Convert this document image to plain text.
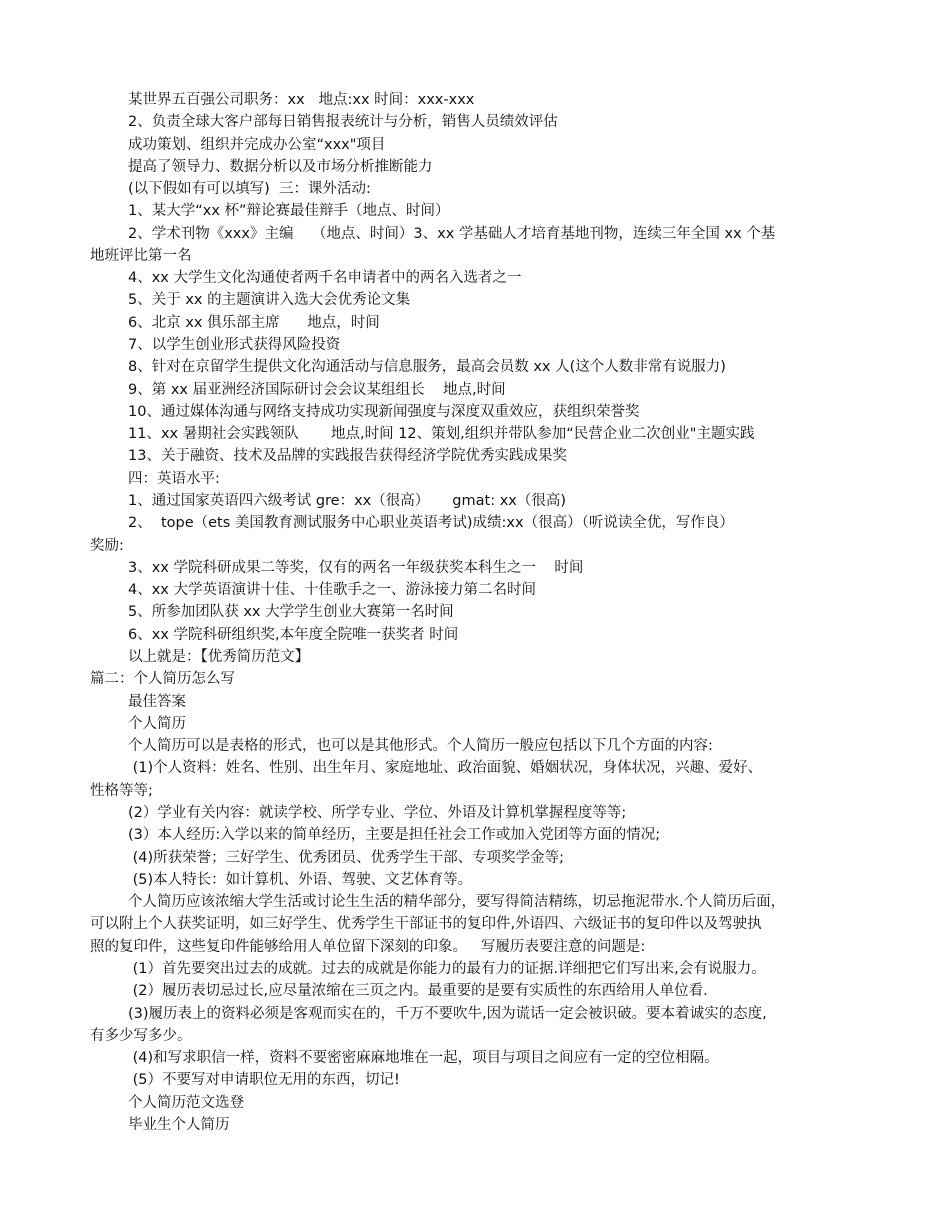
某世界五百强公司职务：xx   地点:xx 时间：xxx-xxx
2、负责全球大客户部每日销售报表统计与分析，销售人员绩效评估
成功策划、组织并完成办公室“xxx"项目
提高了领导力、数据分析以及市场分析推断能力
(以下假如有可以填写)  三：课外活动:
1、某大学“xx 杯”辩论赛最佳辩手（地点、时间）
2、学术刊物《xxx》主编    （地点、时间）3、xx 学基础人才培育基地刊物，连续三年全国 xx 个基
地班评比第一名
4、xx 大学生文化沟通使者两千名申请者中的两名入选者之一
5、关于 xx 的主题演讲入选大会优秀论文集
6、北京 xx 俱乐部主席      地点，时间
7、以学生创业形式获得风险投资
8、针对在京留学生提供文化沟通活动与信息服务，最高会员数 xx 人(这个人数非常有说服力)
9、第 xx 届亚洲经济国际研讨会会议某组组长    地点,时间
10、通过媒体沟通与网络支持成功实现新闻强度与深度双重效应，获组织荣誉奖
11、xx 暑期社会实践领队       地点,时间 12、策划,组织并带队参加“民营企业二次创业"主题实践
13、关于融资、技术及品牌的实践报告获得经济学院优秀实践成果奖
四：英语水平:
1、通过国家英语四六级考试 gre：xx（很高）     gmat: xx（很高)
2、  tope（ets 美国教育测试服务中心职业英语考试)成绩:xx（很高）（听说读全优，写作良）
奖励:
3、xx 学院科研成果二等奖，仅有的两名一年级获奖本科生之一    时间
4、xx 大学英语演讲十佳、十佳歌手之一、游泳接力第二名时间
5、所参加团队获 xx 大学学生创业大赛第一名时间
6、xx 学院科研组织奖,本年度全院唯一获奖者 时间
以上就是：【优秀简历范文】
篇二：个人简历怎么写
最佳答案
个人简历
个人简历可以是表格的形式，也可以是其他形式。个人简历一般应包括以下几个方面的内容:
(1)个人资料：姓名、性别、出生年月、家庭地址、政治面貌、婚姻状况，身体状况，兴趣、爱好、
性格等等;
(2）学业有关内容：就读学校、所学专业、学位、外语及计算机掌握程度等等;
(3）本人经历:入学以来的简单经历，主要是担任社会工作或加入党团等方面的情况;
(4)所获荣誉；三好学生、优秀团员、优秀学生干部、专项奖学金等;
(5)本人特长：如计算机、外语、驾驶、文艺体育等。
个人简历应该浓缩大学生活或讨论生生活的精华部分，要写得简洁精练，切忌拖泥带水.个人简历后面，
可以附上个人获奖证明，如三好学生、优秀学生干部证书的复印件,外语四、六级证书的复印件以及驾驶执
照的复印件，这些复印件能够给用人单位留下深刻的印象。   写履历表要注意的问题是:
(1）首先要突出过去的成就。过去的成就是你能力的最有力的证据.详细把它们写出来,会有说服力。
(2）履历表切忌过长,应尽量浓缩在三页之内。最重要的是要有实质性的东西给用人单位看.
(3)履历表上的资料必须是客观而实在的，千万不要吹牛,因为谎话一定会被识破。要本着诚实的态度,
有多少写多少。
(4)和写求职信一样，资料不要密密麻麻地堆在一起，项目与项目之间应有一定的空位相隔。
(5）不要写对申请职位无用的东西，切记!
个人简历范文选登
毕业生个人简历
